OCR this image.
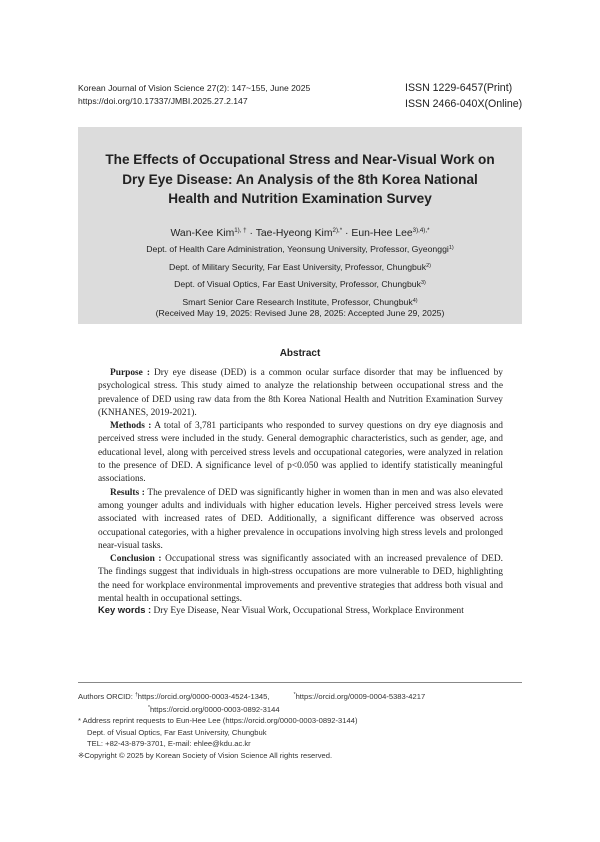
Korean Journal of Vision Science 27(2): 147~155, June 2025
https://doi.org/10.17337/JMBI.2025.27.2.147
ISSN 1229-6457(Print)
ISSN 2466-040X(Online)
The Effects of Occupational Stress and Near-Visual Work on
Dry Eye Disease: An Analysis of the 8th Korea National
Health and Nutrition Examination Survey
Wan-Kee Kim$^{1), \dagger}$ · Tae-Hyeong Kim$^{2),*}$ · Eun-Hee Lee$^{3),4),*}$
Dept. of Health Care Administration, Yeonsung University, Professor, Gyeonggi$^{1)}$
Dept. of Military Security, Far East University, Professor, Chungbuk$^{2)}$
Dept. of Visual Optics, Far East University, Professor, Chungbuk$^{3)}$
Smart Senior Care Research Institute, Professor, Chungbuk$^{4)}$
(Received May 19, 2025: Revised June 28, 2025: Accepted June 29, 2025)
Abstract

Purpose : Dry eye disease (DED) is a common ocular surface disorder that may be influenced by psychological stress. This study aimed to analyze the relationship between occupational stress and the prevalence of DED using raw data from the 8th Korea National Health and Nutrition Examination Survey (KNHANES, 2019-2021).

Methods : A total of 3,781 participants who responded to survey questions on dry eye diagnosis and perceived stress were included in the study. General demographic characteristics, such as gender, age, and educational level, along with perceived stress levels and occupational categories, were analyzed in relation to the presence of DED. A significance level of p<0.050 was applied to identify statistically meaningful associations.

Results : The prevalence of DED was significantly higher in women than in men and was also elevated among younger adults and individuals with higher education levels. Higher perceived stress levels were associated with increased rates of DED. Additionally, a significant difference was observed across occupational categories, with a higher prevalence in occupations involving high stress levels and prolonged near-visual tasks.

Conclusion : Occupational stress was significantly associated with an increased prevalence of DED. The findings suggest that individuals in high-stress occupations are more vulnerable to DED, highlighting the need for workplace environmental improvements and preventive strategies that address both visual and mental health in occupational settings.

Key words : Dry Eye Disease, Near Visual Work, Occupational Stress, Workplace Environment
Authors ORCID: †https://orcid.org/0000-0003-4524-1345,	*https://orcid.org/0009-0004-5383-4217
*https://orcid.org/0000-0003-0892-3144
* Address reprint requests to Eun-Hee Lee (https://orcid.org/0000-0003-0892-3144)
Dept. of Visual Optics, Far East University, Chungbuk
TEL: +82-43-879-3701, E-mail: ehlee@kdu.ac.kr
※Copyright © 2025 by Korean Society of Vision Science All rights reserved.
